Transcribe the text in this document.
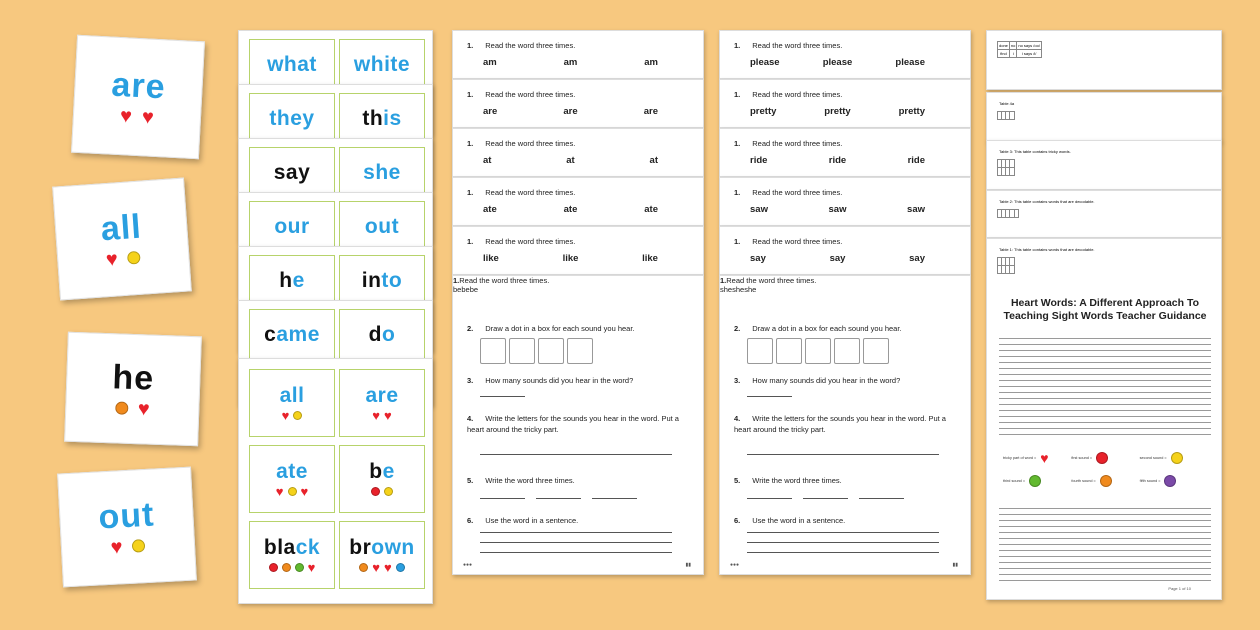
are
♥ ♥
all
♥
he
♥
out
♥
what white
they this
say	she
our	out
he	into
came do
all
♥
are
♥ ♥
ate
♥ ♥
be
black
♥
brown
♥ ♥
1. Read the word three times.
am	am	am
1. Read the word three times.
are	are	are
1. Read the word three times.
at	at	at
1. Read the word three times.
ate	ate	ate
1. Read the word three times.
like	like	like
1.Read the word three times.
bebebe
2. Draw a dot in a box for each sound you hear.
3. How many sounds did you hear in the word?
4. Write the letters for the sounds you hear in the word. Put a heart around the tricky part.
5. Write the word three times.
6. Use the word in a sentence.
●●●	▮▮
1. Read the word three times.
please	please	please
1. Read the word three times.
pretty	pretty	pretty
1. Read the word three times.
ride	ride	ride
1. Read the word three times.
saw	saw	saw
1. Read the word three times.
say	say	say
1.Read the word three times.
shesheshe
2. Draw a dot in a box for each sound you hear.
3. How many sounds did you hear in the word?
4. Write the letters for the sounds you hear in the word. Put a heart around the tricky part.
5. Write the word three times.
6. Use the word in a sentence.
●●●	▮▮
done	no	no says /oo/
find	i	i says /i/
Table 4a

Table 3: This table contains tricky words.

Table 2: This table contains words that are decodable.

Table 1: This table contains words that are decodable.

Heart Words: A Different Approach To Teaching Sight Words Teacher Guidance
tricky part of word = ♥	first sound =	second sound =
third sound =	fourth sound =	fifth sound =
Page 1 of 10
